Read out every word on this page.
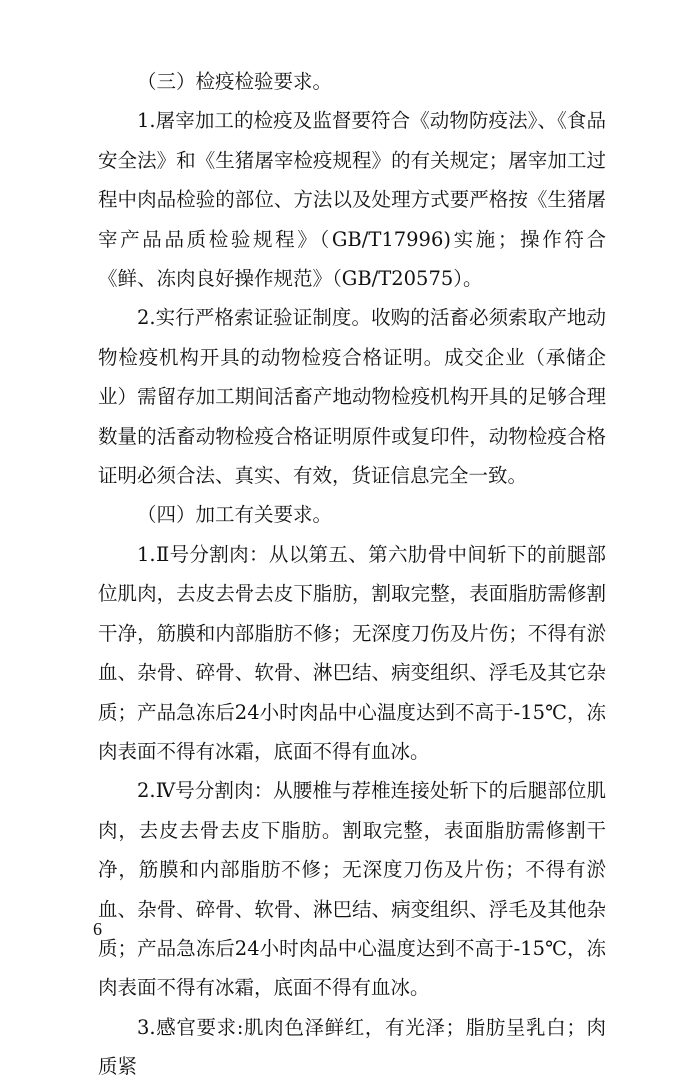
（三）检疫检验要求。

1.屠宰加工的检疫及监督要符合《动物防疫法》、《食品安全法》和《生猪屠宰检疫规程》的有关规定；屠宰加工过程中肉品检验的部位、方法以及处理方式要严格按《生猪屠宰产品品质检验规程》（GB/T17996)实施；操作符合《鲜、冻肉良好操作规范》（GB/T20575）。

2.实行严格索证验证制度。收购的活畜必须索取产地动物检疫机构开具的动物检疫合格证明。成交企业（承储企业）需留存加工期间活畜产地动物检疫机构开具的足够合理数量的活畜动物检疫合格证明原件或复印件，动物检疫合格证明必须合法、真实、有效，货证信息完全一致。

（四）加工有关要求。

1.Ⅱ号分割肉：从以第五、第六肋骨中间斩下的前腿部位肌肉，去皮去骨去皮下脂肪，割取完整，表面脂肪需修割干净，筋膜和内部脂肪不修；无深度刀伤及片伤；不得有淤血、杂骨、碎骨、软骨、淋巴结、病变组织、浮毛及其它杂质；产品急冻后24小时肉品中心温度达到不高于-15℃，冻肉表面不得有冰霜，底面不得有血冰。

2.Ⅳ号分割肉：从腰椎与荐椎连接处斩下的后腿部位肌肉，去皮去骨去皮下脂肪。割取完整，表面脂肪需修割干净，筋膜和内部脂肪不修；无深度刀伤及片伤；不得有淤血、杂骨、碎骨、软骨、淋巴结、病变组织、浮毛及其他杂质；产品急冻后24小时肉品中心温度达到不高于-15℃，冻肉表面不得有冰霜，底面不得有血冰。

3.感官要求:肌肉色泽鲜红，有光泽；脂肪呈乳白；肉质紧

6
